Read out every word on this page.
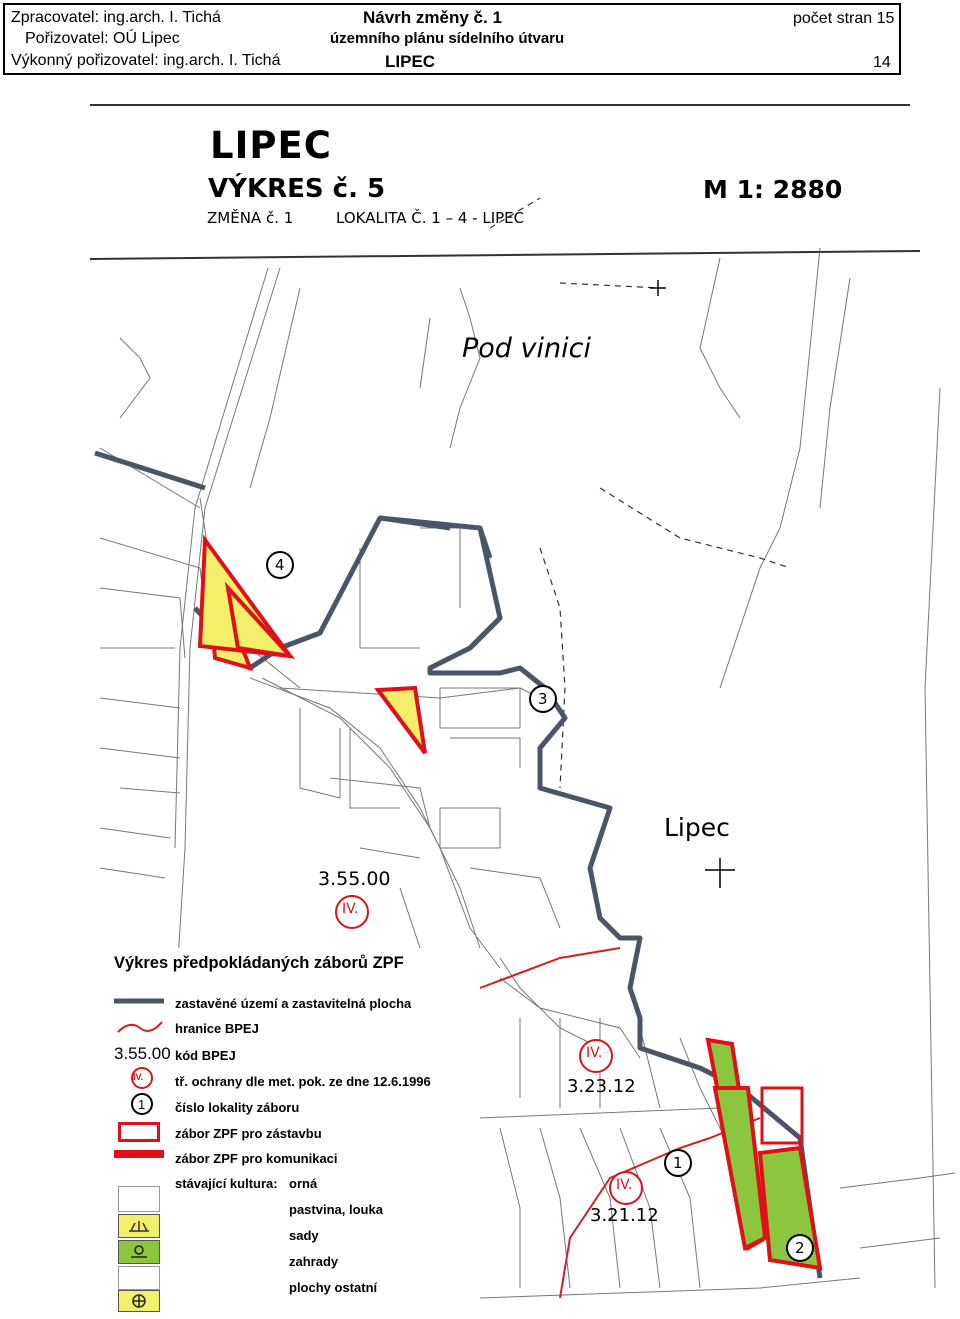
Zpracovatel: ing.arch. I. Tichá
Pořizovatel: OÚ Lipec
Výkonný pořizovatel: ing.arch. I. Tichá
Návrh změny č. 1
územního plánu sídelního útvaru
LIPEC
počet stran 15
14
LIPEC
VÝKRES č. 5	M 1: 2880
ZMĚNA č. 1	LOKALITA Č. 1 – 4 - LIPEC
Pod vinici
Lipec
3.55.00
3.23.12
3.21.12
IV.
IV.
IV.
1
2
3
4
Výkres předpokládaných záborů ZPF
zastavěné území a zastavitelná plocha
hranice BPEJ
3.55.00 kód BPEJ
IV. tř. ochrany dle met. pok. ze dne 12.6.1996
1 číslo lokality záboru
zábor ZPF pro zástavbu
zábor ZPF pro komunikaci
stávající kultura: orná
pastvina, louka
sady
zahrady
plochy ostatní
